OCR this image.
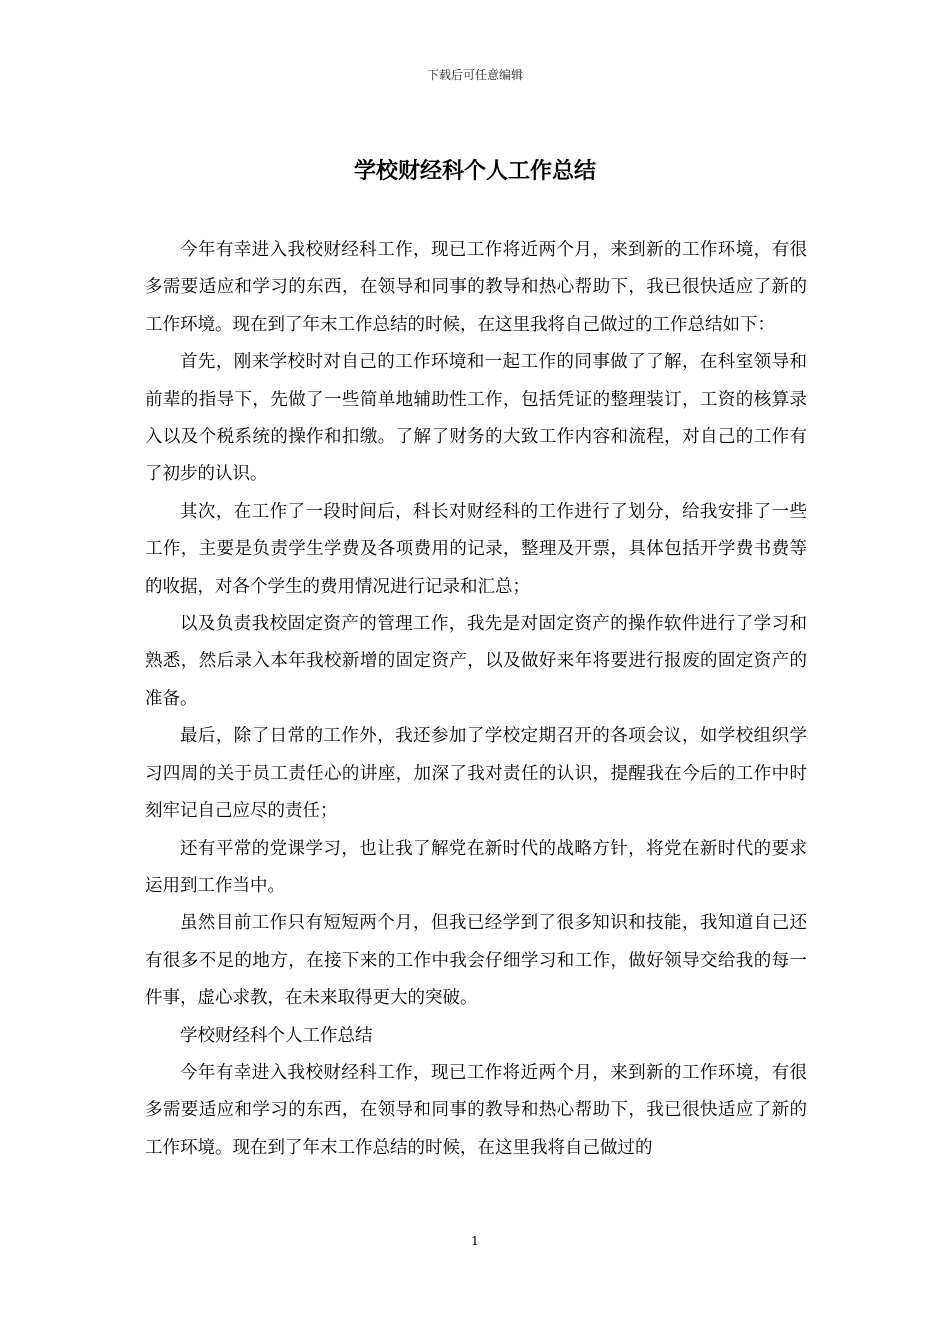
下载后可任意编辑
学校财经科个人工作总结

今年有幸进入我校财经科工作，现已工作将近两个月，来到新的工作环境，有很多需要适应和学习的东西，在领导和同事的教导和热心帮助下，我已很快适应了新的工作环境。现在到了年末工作总结的时候，在这里我将自己做过的工作总结如下：

首先，刚来学校时对自己的工作环境和一起工作的同事做了了解，在科室领导和前辈的指导下，先做了一些简单地辅助性工作，包括凭证的整理装订，工资的核算录入以及个税系统的操作和扣缴。了解了财务的大致工作内容和流程，对自己的工作有了初步的认识。

其次，在工作了一段时间后，科长对财经科的工作进行了划分，给我安排了一些工作，主要是负责学生学费及各项费用的记录，整理及开票，具体包括开学费书费等的收据，对各个学生的费用情况进行记录和汇总；

以及负责我校固定资产的管理工作，我先是对固定资产的操作软件进行了学习和熟悉，然后录入本年我校新增的固定资产，以及做好来年将要进行报废的固定资产的准备。

最后，除了日常的工作外，我还参加了学校定期召开的各项会议，如学校组织学习四周的关于员工责任心的讲座，加深了我对责任的认识，提醒我在今后的工作中时刻牢记自己应尽的责任；

还有平常的党课学习，也让我了解党在新时代的战略方针，将党在新时代的要求运用到工作当中。

虽然目前工作只有短短两个月，但我已经学到了很多知识和技能，我知道自己还有很多不足的地方，在接下来的工作中我会仔细学习和工作，做好领导交给我的每一件事，虚心求教，在未来取得更大的突破。

学校财经科个人工作总结

今年有幸进入我校财经科工作，现已工作将近两个月，来到新的工作环境，有很多需要适应和学习的东西，在领导和同事的教导和热心帮助下，我已很快适应了新的工作环境。现在到了年末工作总结的时候，在这里我将自己做过的

1
